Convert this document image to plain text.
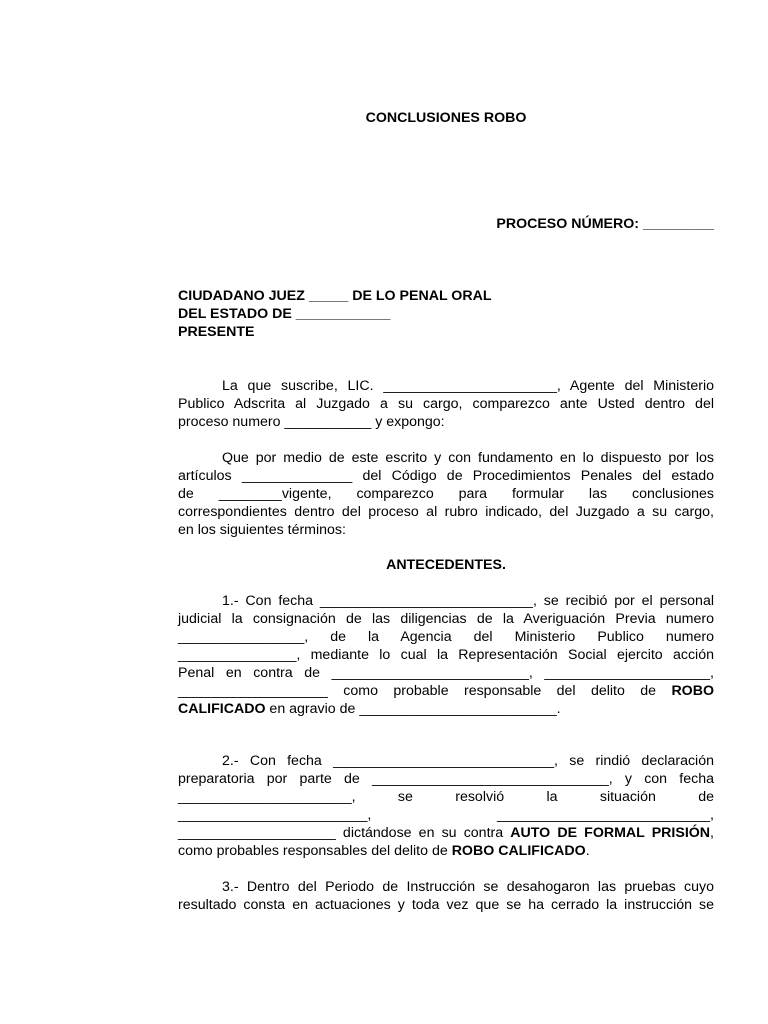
CONCLUSIONES ROBO
PROCESO NÚMERO: _________
CIUDADANO JUEZ _____ DE LO PENAL ORAL
DEL ESTADO DE ____________
PRESENTE
La que suscribe, LIC. ______________________, Agente del Ministerio
Publico Adscrita al Juzgado a su cargo, comparezco ante Usted dentro del
proceso numero ___________ y expongo:
Que por medio de este escrito y con fundamento en lo dispuesto por los
artículos ______________ del Código de Procedimientos Penales del estado
de ________vigente, comparezco para formular las conclusiones
correspondientes dentro del proceso al rubro indicado, del Juzgado a su cargo,
en los siguientes términos:
ANTECEDENTES.
1.- Con fecha ___________________________, se recibió por el personal
judicial la consignación de las diligencias de la Averiguación Previa numero
________________, de la Agencia del Ministerio Publico numero
_______________, mediante lo cual la Representación Social ejercito acción
Penal en contra de _________________________, _____________________,
___________________ como probable responsable del delito de ROBO
CALIFICADO en agravio de _________________________.
2.- Con fecha ____________________________, se rindió declaración
preparatoria por parte de ______________________________, y con fecha
______________________, se resolvió la situación de
________________________, ___________________________,
____________________ dictándose en su contra AUTO DE FORMAL PRISIÓN,
como probables responsables del delito de ROBO CALIFICADO.
3.- Dentro del Periodo de Instrucción se desahogaron las pruebas cuyo
resultado consta en actuaciones y toda vez que se ha cerrado la instrucción se
